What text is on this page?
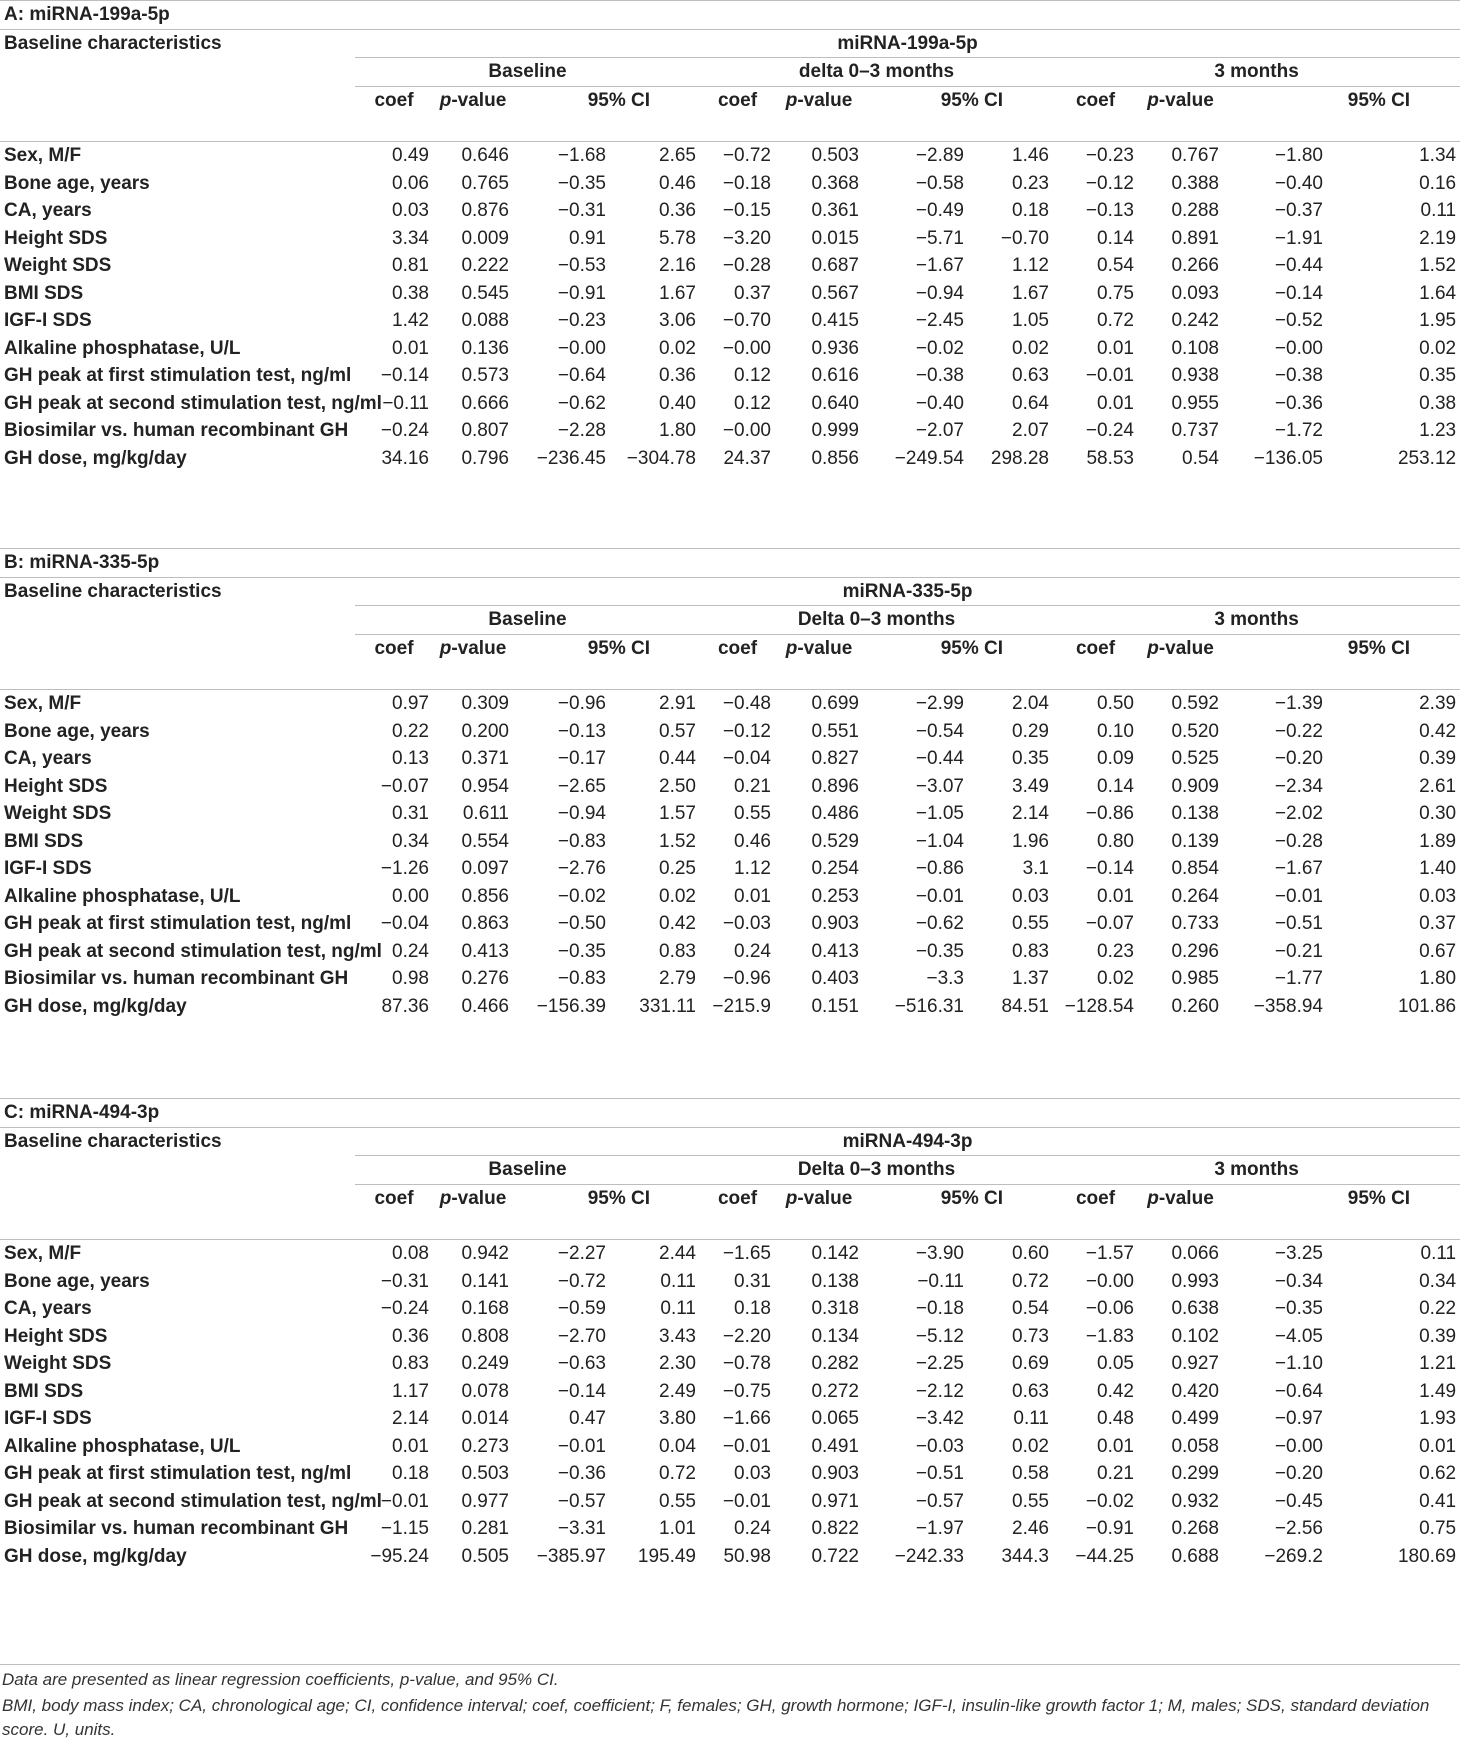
A: miRNA-199a-5p												
Baseline characteristics	miRNA-199a-5p											
	Baseline				delta 0–3 months				3 months			
	coef	p-value	95% CI		coef	p-value	95% CI		coef	p-value	95% CI	
Sex, M/F	0.49	0.646	−1.68	2.65	−0.72	0.503	−2.89	1.46	−0.23	0.767	−1.80	1.34
Bone age, years	0.06	0.765	−0.35	0.46	−0.18	0.368	−0.58	0.23	−0.12	0.388	−0.40	0.16
CA, years	0.03	0.876	−0.31	0.36	−0.15	0.361	−0.49	0.18	−0.13	0.288	−0.37	0.11
Height SDS	3.34	0.009	0.91	5.78	−3.20	0.015	−5.71	−0.70	0.14	0.891	−1.91	2.19
Weight SDS	0.81	0.222	−0.53	2.16	−0.28	0.687	−1.67	1.12	0.54	0.266	−0.44	1.52
BMI SDS	0.38	0.545	−0.91	1.67	0.37	0.567	−0.94	1.67	0.75	0.093	−0.14	1.64
IGF-I SDS	1.42	0.088	−0.23	3.06	−0.70	0.415	−2.45	1.05	0.72	0.242	−0.52	1.95
Alkaline phosphatase, U/L	0.01	0.136	−0.00	0.02	−0.00	0.936	−0.02	0.02	0.01	0.108	−0.00	0.02
GH peak at first stimulation test, ng/ml	−0.14	0.573	−0.64	0.36	0.12	0.616	−0.38	0.63	−0.01	0.938	−0.38	0.35
GH peak at second stimulation test, ng/ml	−0.11	0.666	−0.62	0.40	0.12	0.640	−0.40	0.64	0.01	0.955	−0.36	0.38
Biosimilar vs. human recombinant GH	−0.24	0.807	−2.28	1.80	−0.00	0.999	−2.07	2.07	−0.24	0.737	−1.72	1.23
GH dose, mg/kg/day	34.16	0.796	−236.45	−304.78	24.37	0.856	−249.54	298.28	58.53	0.54	−136.05	253.12
B: miRNA-335-5p												
Baseline characteristics	miRNA-335-5p											
	Baseline				Delta 0–3 months				3 months			
	coef	p-value	95% CI		coef	p-value	95% CI		coef	p-value	95% CI	
Sex, M/F	0.97	0.309	−0.96	2.91	−0.48	0.699	−2.99	2.04	0.50	0.592	−1.39	2.39
Bone age, years	0.22	0.200	−0.13	0.57	−0.12	0.551	−0.54	0.29	0.10	0.520	−0.22	0.42
CA, years	0.13	0.371	−0.17	0.44	−0.04	0.827	−0.44	0.35	0.09	0.525	−0.20	0.39
Height SDS	−0.07	0.954	−2.65	2.50	0.21	0.896	−3.07	3.49	0.14	0.909	−2.34	2.61
Weight SDS	0.31	0.611	−0.94	1.57	0.55	0.486	−1.05	2.14	−0.86	0.138	−2.02	0.30
BMI SDS	0.34	0.554	−0.83	1.52	0.46	0.529	−1.04	1.96	0.80	0.139	−0.28	1.89
IGF-I SDS	−1.26	0.097	−2.76	0.25	1.12	0.254	−0.86	3.1	−0.14	0.854	−1.67	1.40
Alkaline phosphatase, U/L	0.00	0.856	−0.02	0.02	0.01	0.253	−0.01	0.03	0.01	0.264	−0.01	0.03
GH peak at first stimulation test, ng/ml	−0.04	0.863	−0.50	0.42	−0.03	0.903	−0.62	0.55	−0.07	0.733	−0.51	0.37
GH peak at second stimulation test, ng/ml	0.24	0.413	−0.35	0.83	0.24	0.413	−0.35	0.83	0.23	0.296	−0.21	0.67
Biosimilar vs. human recombinant GH	0.98	0.276	−0.83	2.79	−0.96	0.403	−3.3	1.37	0.02	0.985	−1.77	1.80
GH dose, mg/kg/day	87.36	0.466	−156.39	331.11	−215.9	0.151	−516.31	84.51	−128.54	0.260	−358.94	101.86
C: miRNA-494-3p												
Baseline characteristics	miRNA-494-3p											
	Baseline				Delta 0–3 months				3 months			
	coef	p-value	95% CI		coef	p-value	95% CI		coef	p-value	95% CI	
Sex, M/F	0.08	0.942	−2.27	2.44	−1.65	0.142	−3.90	0.60	−1.57	0.066	−3.25	0.11
Bone age, years	−0.31	0.141	−0.72	0.11	0.31	0.138	−0.11	0.72	−0.00	0.993	−0.34	0.34
CA, years	−0.24	0.168	−0.59	0.11	0.18	0.318	−0.18	0.54	−0.06	0.638	−0.35	0.22
Height SDS	0.36	0.808	−2.70	3.43	−2.20	0.134	−5.12	0.73	−1.83	0.102	−4.05	0.39
Weight SDS	0.83	0.249	−0.63	2.30	−0.78	0.282	−2.25	0.69	0.05	0.927	−1.10	1.21
BMI SDS	1.17	0.078	−0.14	2.49	−0.75	0.272	−2.12	0.63	0.42	0.420	−0.64	1.49
IGF-I SDS	2.14	0.014	0.47	3.80	−1.66	0.065	−3.42	0.11	0.48	0.499	−0.97	1.93
Alkaline phosphatase, U/L	0.01	0.273	−0.01	0.04	−0.01	0.491	−0.03	0.02	0.01	0.058	−0.00	0.01
GH peak at first stimulation test, ng/ml	0.18	0.503	−0.36	0.72	0.03	0.903	−0.51	0.58	0.21	0.299	−0.20	0.62
GH peak at second stimulation test, ng/ml	−0.01	0.977	−0.57	0.55	−0.01	0.971	−0.57	0.55	−0.02	0.932	−0.45	0.41
Biosimilar vs. human recombinant GH	−1.15	0.281	−3.31	1.01	0.24	0.822	−1.97	2.46	−0.91	0.268	−2.56	0.75
GH dose, mg/kg/day	−95.24	0.505	−385.97	195.49	50.98	0.722	−242.33	344.3	−44.25	0.688	−269.2	180.69
Data are presented as linear regression coefficients, p-value, and 95% CI.
BMI, body mass index; CA, chronological age; CI, confidence interval; coef, coefficient; F, females; GH, growth hormone; IGF-I, insulin-like growth factor 1; M, males; SDS, standard deviation score. U, units.
